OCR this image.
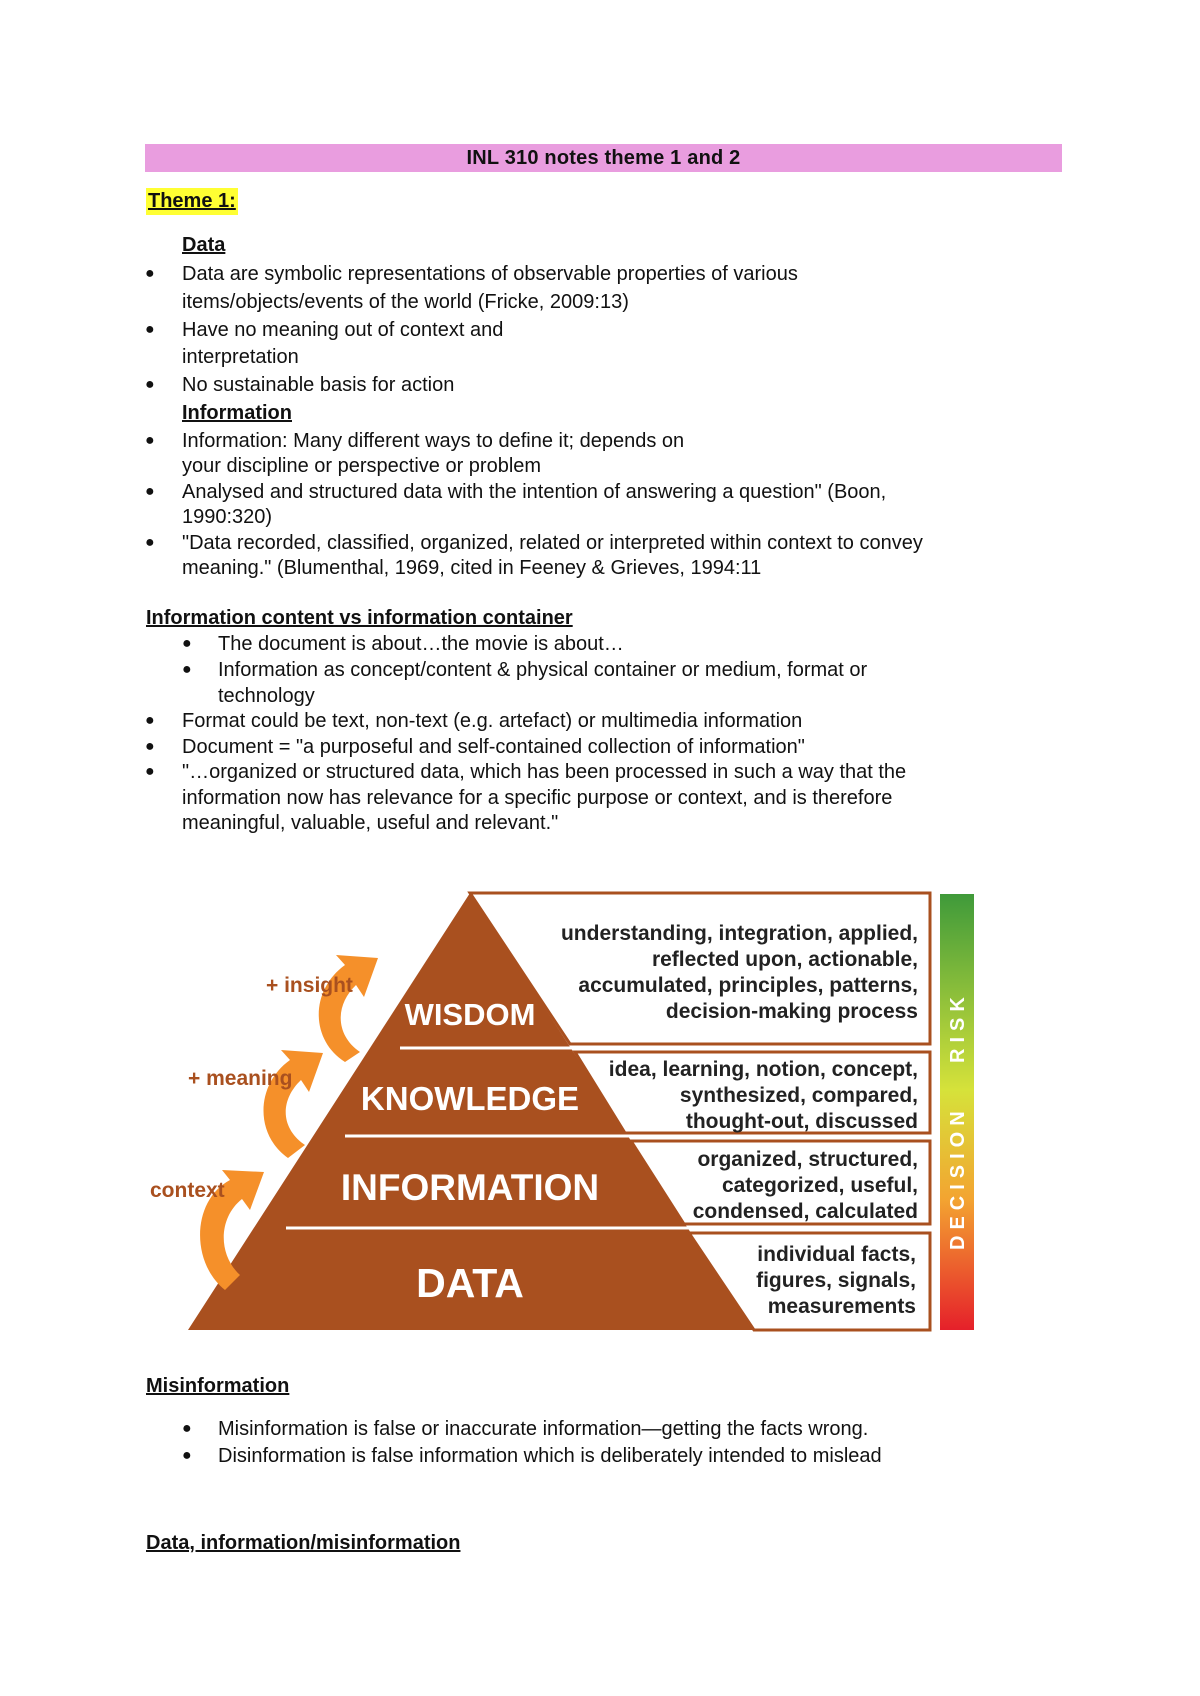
INL 310 notes theme 1 and 2
Theme 1:
Data
● Data are symbolic representations of observable properties of various
items/objects/events of the world (Fricke, 2009:13)
● Have no meaning out of context and
interpretation
● No sustainable basis for action
Information
● Information: Many different ways to define it; depends on
your discipline or perspective or problem
● Analysed and structured data with the intention of answering a question" (Boon,
1990:320)
● "Data recorded, classified, organized, related or interpreted within context to convey
meaning." (Blumenthal, 1969, cited in Feeney & Grieves, 1994:11
Information content vs information container
● The document is about…the movie is about…
● Information as concept/content & physical container or medium, format or
technology
● Format could be text, non-text (e.g. artefact) or multimedia information
● Document = "a purposeful and self-contained collection of information"
● "…organized or structured data, which has been processed in such a way that the
information now has relevance for a specific purpose or context, and is therefore
meaningful, valuable, useful and relevant."
WISDOM
KNOWLEDGE
INFORMATION
DATA
understanding, integration, applied,
reflected upon, actionable,
accumulated, principles, patterns,
decision-making process
idea, learning, notion, concept,
synthesized, compared,
thought-out, discussed
organized, structured,
categorized, useful,
condensed, calculated
individual facts,
figures, signals,
measurements
DECISION
RISK
+ insight
+ meaning
context
Misinformation
● Misinformation is false or inaccurate information—getting the facts wrong.
● Disinformation is false information which is deliberately intended to mislead
Data, information/misinformation
